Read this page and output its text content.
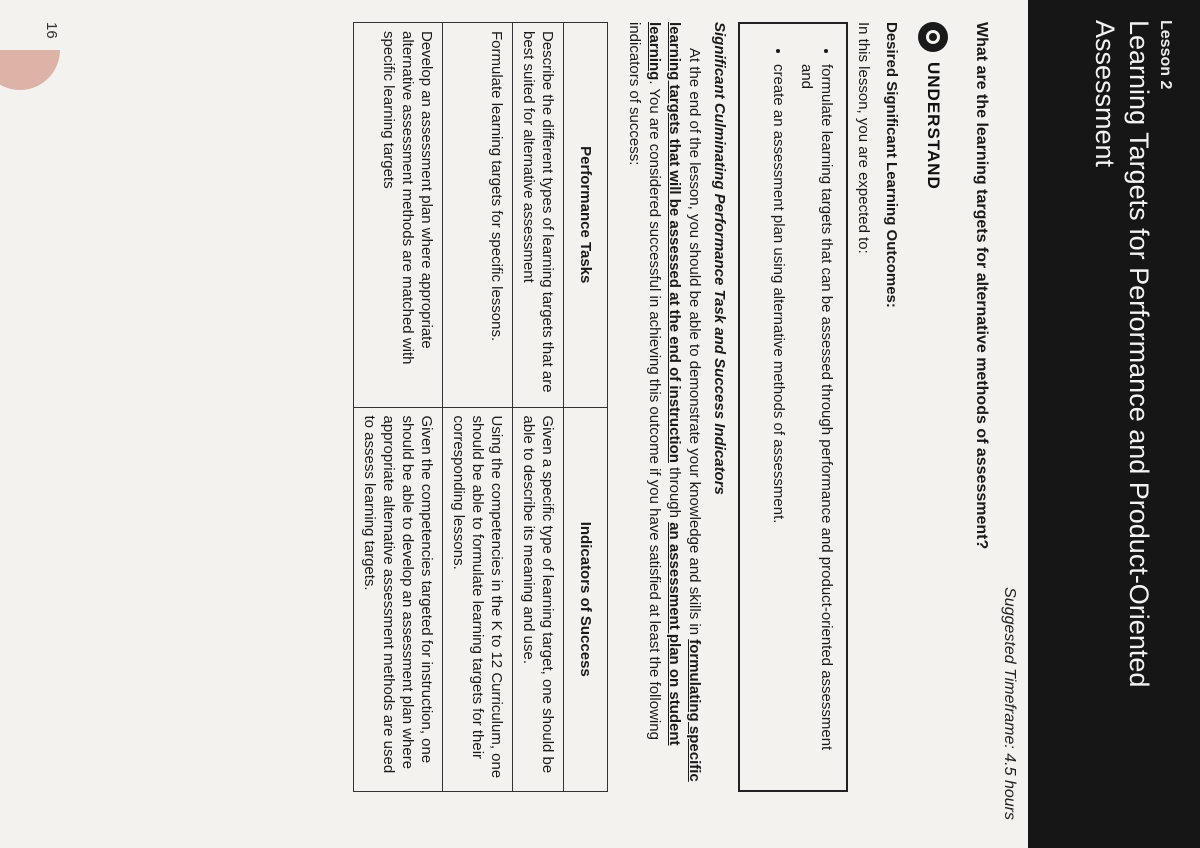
Lesson 2
Learning Targets for Performance and Product-Oriented Assessment
Suggested Timeframe: 4.5 hours
What are the learning targets for alternative methods of assessment?
UNDERSTAND
Desired Significant Learning Outcomes:
In this lesson, you are expected to:
• formulate learning targets that can be assessed through performance and product-oriented assessment and
• create an assessment plan using alternative methods of assessment.
Significant Culminating Performance Task and Success Indicators
At the end of the lesson, you should be able to demonstrate your knowledge and skills in formulating specific learning targets that will be assessed at the end of instruction through an assessment plan on student learning. You are considered successful in achieving this outcome if you have satisfied at least the following indicators of success:
Performance Tasks	Indicators of Success
Describe the different types of learning targets that are best suited for alternative assessment	Given a specific type of learning target, one should be able to describe its meaning and use.
Formulate learning targets for specific lessons.	Using the competencies in the K to 12 Curriculum, one should be able to formulate learning targets for their corresponding lessons.
Develop an assessment plan where appropriate alternative assessment methods are matched with specific learning targets	Given the competencies targeted for instruction, one should be able to develop an assessment plan where appropriate alternative assessment methods are used to assess learning targets.
16
